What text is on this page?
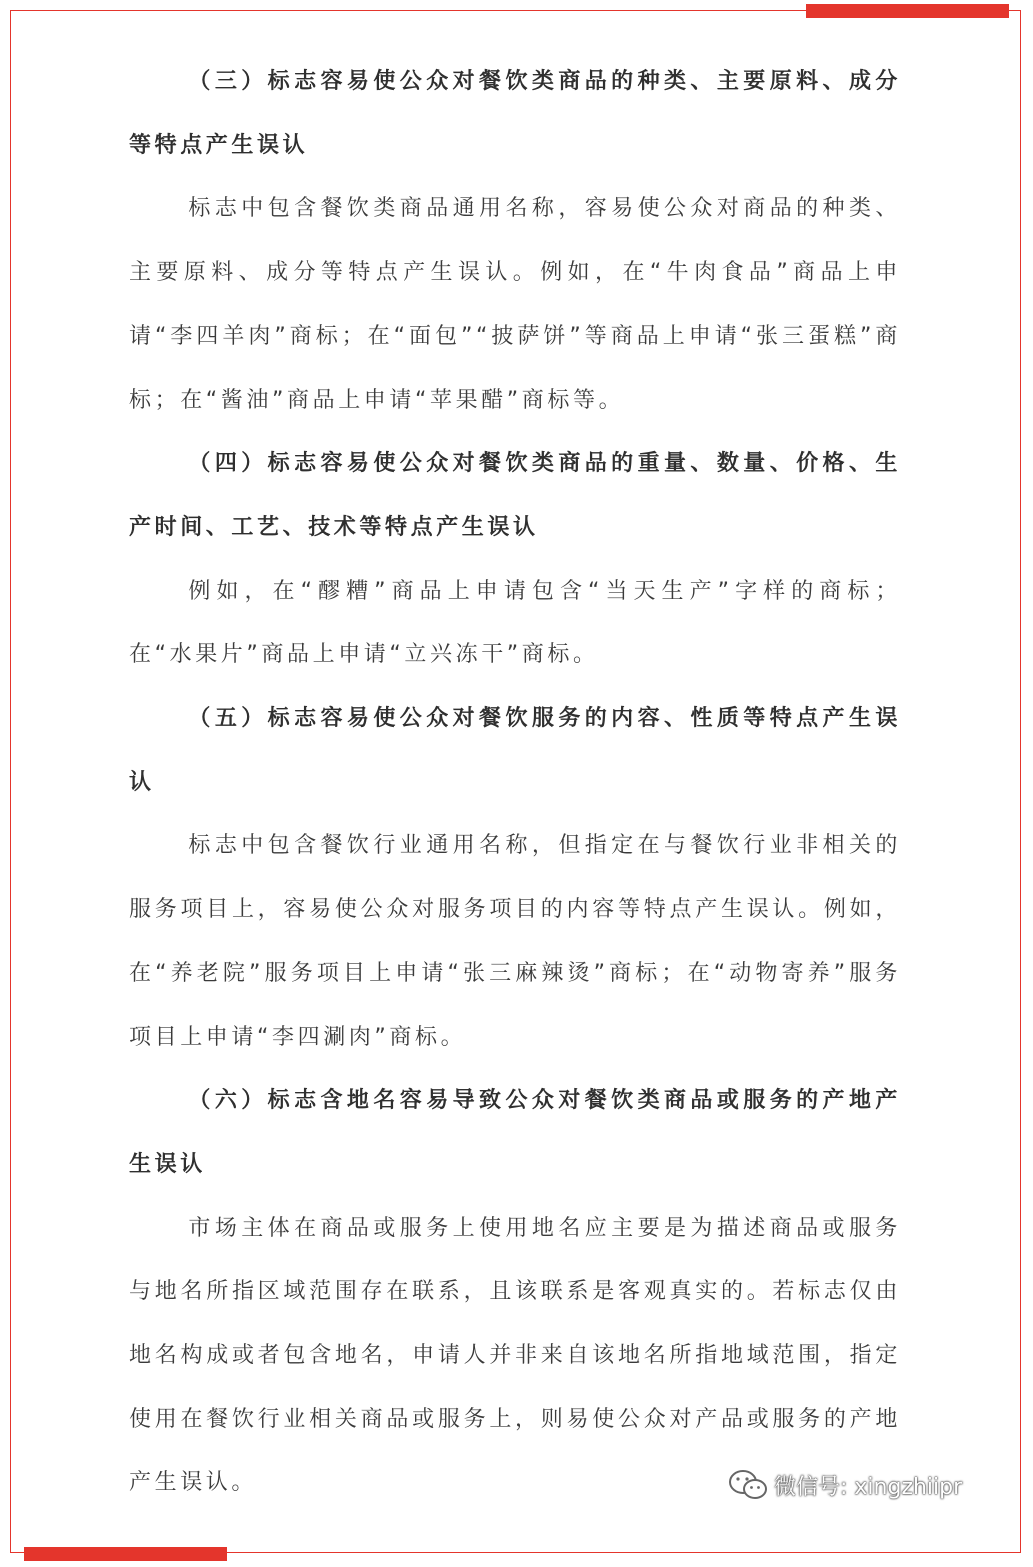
（三）标志容易使公众对餐饮类商品的种类、主要原料、成分等特点产生误认

标志中包含餐饮类商品通用名称，容易使公众对商品的种类、主要原料、成分等特点产生误认。例如，在“牛肉食品”商品上申请“李四羊肉”商标；在“面包”“披萨饼”等商品上申请“张三蛋糕”商标；在“酱油”商品上申请“苹果醋”商标等。

（四）标志容易使公众对餐饮类商品的重量、数量、价格、生产时间、工艺、技术等特点产生误认

例如，在“醪糟”商品上申请包含“当天生产”字样的商标；在“水果片”商品上申请“立兴冻干”商标。

（五）标志容易使公众对餐饮服务的内容、性质等特点产生误认

标志中包含餐饮行业通用名称，但指定在与餐饮行业非相关的服务项目上，容易使公众对服务项目的内容等特点产生误认。例如，在“养老院”服务项目上申请“张三麻辣烫”商标；在“动物寄养”服务项目上申请“李四涮肉”商标。

（六）标志含地名容易导致公众对餐饮类商品或服务的产地产生误认

市场主体在商品或服务上使用地名应主要是为描述商品或服务与地名所指区域范围存在联系，且该联系是客观真实的。若标志仅由地名构成或者包含地名，申请人并非来自该地名所指地域范围，指定使用在餐饮行业相关商品或服务上，则易使公众对产品或服务的产地产生误认。	微信号: xingzhiipr
